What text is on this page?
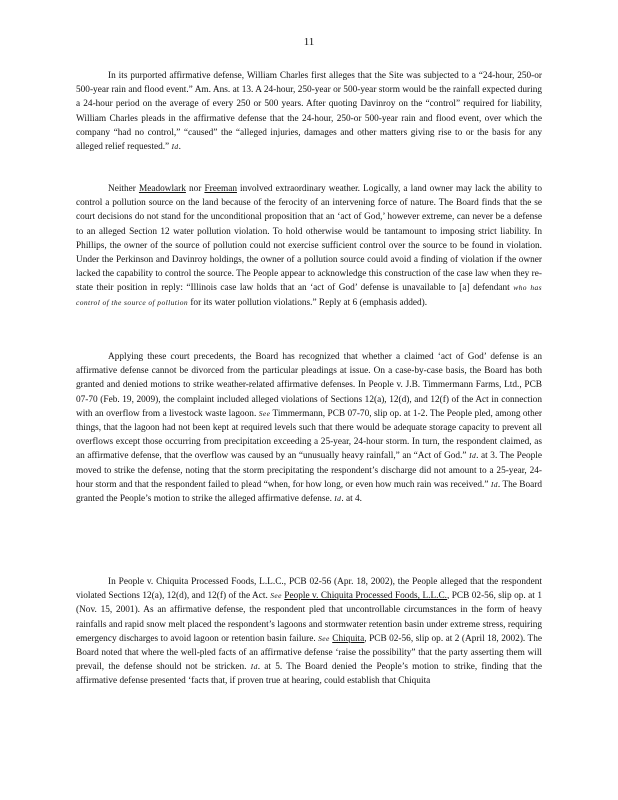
11

In its purported affirmative defense, William Charles first alleges that the Site was subjected to a “24-hour, 250-or 500-year rain and flood event.” Am. Ans. at 13. A 24-hour, 250-year or 500-year storm would be the rainfall expected during a 24-hour period on the average of every 250 or 500 years. After quoting Davinroy on the “control” required for liability, William Charles pleads in the affirmative defense that the 24-hour, 250-or 500-year rain and flood event, over which the company “had no control,” “caused” the “alleged injuries, damages and other matters giving rise to or the basis for any alleged relief requested.” Id.

Neither Meadowlark nor Freeman involved extraordinary weather. Logically, a land owner may lack the ability to control a pollution source on the land because of the ferocity of an intervening force of nature. The Board finds that the se court decisions do not stand for the unconditional proposition that an ‘act of God,’ however extreme, can never be a defense to an alleged Section 12 water pollution violation. To hold otherwise would be tantamount to imposing strict liability. In Phillips, the owner of the source of pollution could not exercise sufficient control over the source to be found in violation. Under the Perkinson and Davinroy holdings, the owner of a pollution source could avoid a finding of violation if the owner lacked the capability to control the source. The People appear to acknowledge this construction of the case law when they re-state their position in reply: “Illinois case law holds that an ‘act of God’ defense is unavailable to [a] defendant who has control of the source of pollution for its water pollution violations.” Reply at 6 (emphasis added).

Applying these court precedents, the Board has recognized that whether a claimed ‘act of God’ defense is an affirmative defense cannot be divorced from the particular pleadings at issue. On a case-by-case basis, the Board has both granted and denied motions to strike weather-related affirmative defenses. In People v. J.B. Timmermann Farms, Ltd., PCB 07-70 (Feb. 19, 2009), the complaint included alleged violations of Sections 12(a), 12(d), and 12(f) of the Act in connection with an overflow from a livestock waste lagoon. See Timmermann, PCB 07-70, slip op. at 1-2. The People pled, among other things, that the lagoon had not been kept at required levels such that there would be adequate storage capacity to prevent all overflows except those occurring from precipitation exceeding a 25-year, 24-hour storm. In turn, the respondent claimed, as an affirmative defense, that the overflow was caused by an “unusually heavy rainfall,” an “Act of God.” Id. at 3. The People moved to strike the defense, noting that the storm precipitating the respondent’s discharge did not amount to a 25-year, 24-hour storm and that the respondent failed to plead “when, for how long, or even how much rain was received.” Id. The Board granted the People’s motion to strike the alleged affirmative defense. Id. at 4.

In People v. Chiquita Processed Foods, L.L.C., PCB 02-56 (Apr. 18, 2002), the People alleged that the respondent violated Sections 12(a), 12(d), and 12(f) of the Act. See People v. Chiquita Processed Foods, L.L.C., PCB 02-56, slip op. at 1 (Nov. 15, 2001). As an affirmative defense, the respondent pled that uncontrollable circumstances in the form of heavy rainfalls and rapid snow melt placed the respondent’s lagoons and stormwater retention basin under extreme stress, requiring emergency discharges to avoid lagoon or retention basin failure. See Chiquita, PCB 02-56, slip op. at 2 (April 18, 2002). The Board noted that where the well-pled facts of an affirmative defense ‘raise the possibility” that the party asserting them will prevail, the defense should not be stricken. Id. at 5. The Board denied the People’s motion to strike, finding that the affirmative defense presented ‘facts that, if proven true at hearing, could establish that Chiquita
